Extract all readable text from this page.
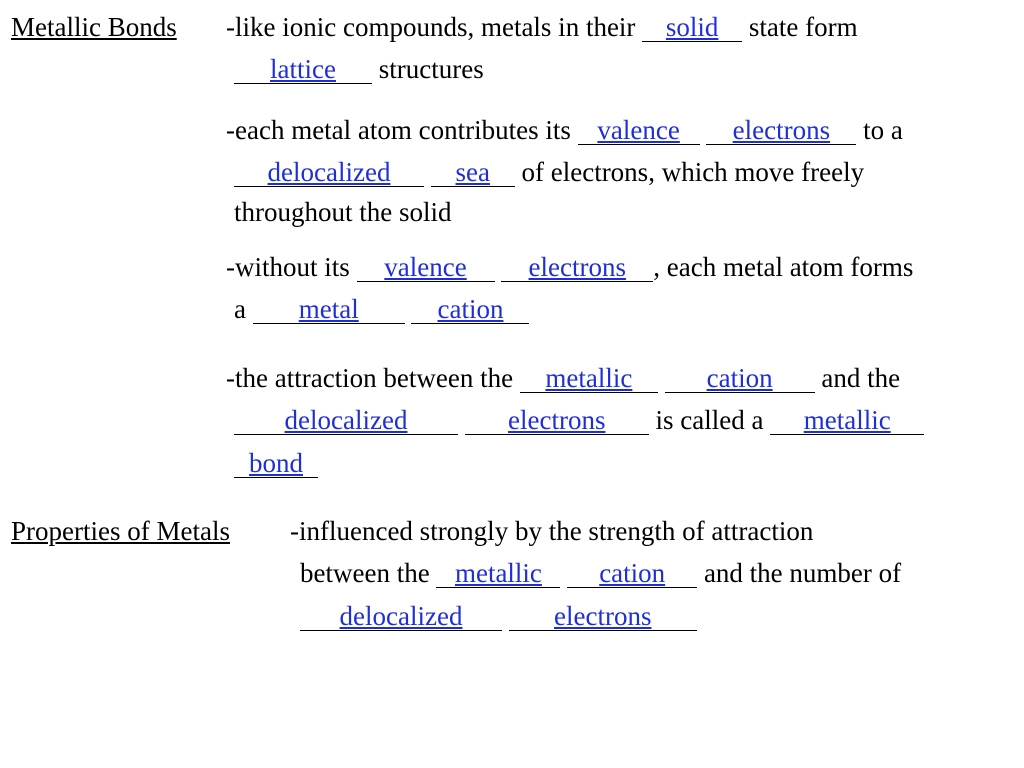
Metallic Bonds -like ionic compounds, metals in their solid state form
lattice structures
-each metal atom contributes its valence electrons to a
delocalized sea of electrons, which move freely
throughout the solid
-without its valence electrons , each metal atom forms
a metal	cation
-the attraction between the metallic	cation and the
delocalized	electrons is called a metallic
bond
Properties of Metals -influenced strongly by the strength of attraction
between the metallic cation and the number of
delocalized	electrons
